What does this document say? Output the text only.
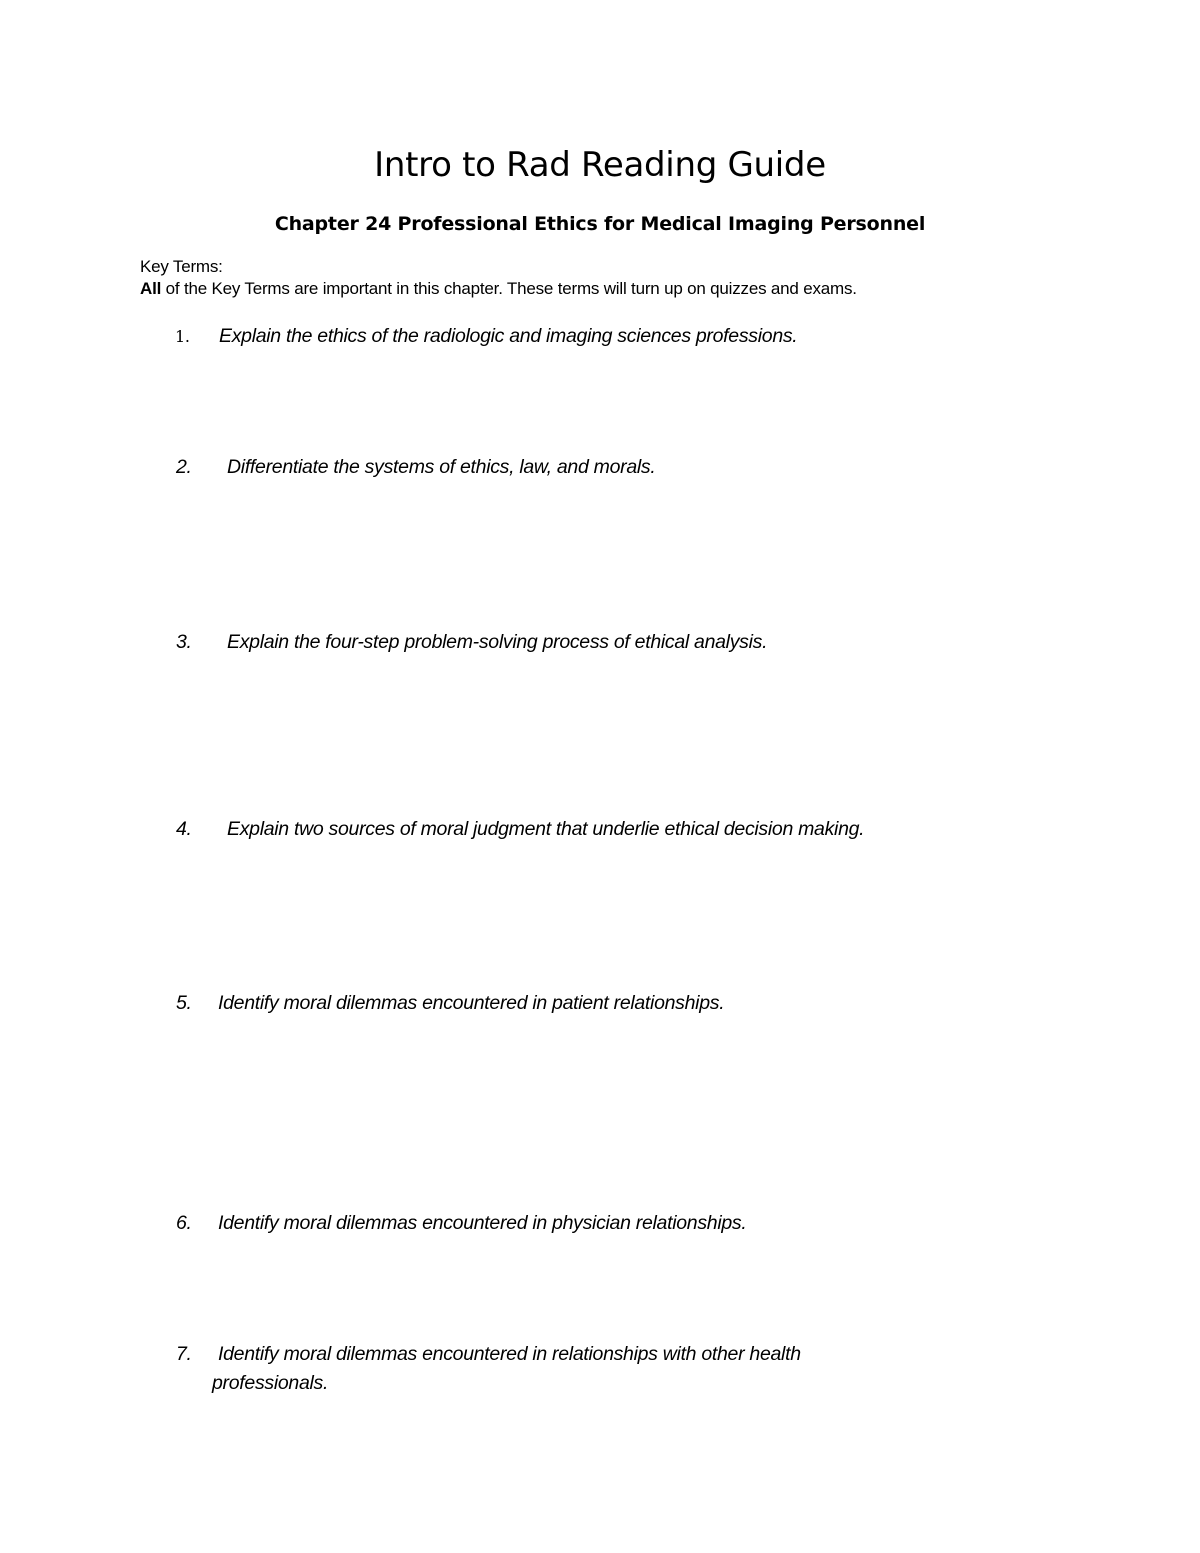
Intro to Rad Reading Guide
Chapter 24 Professional Ethics for Medical Imaging Personnel
Key Terms:
All of the Key Terms are important in this chapter. These terms will turn up on quizzes and exams.
1. Explain the ethics of the radiologic and imaging sciences professions.
2. Differentiate the systems of ethics, law, and morals.
3. Explain the four-step problem-solving process of ethical analysis.
4. Explain two sources of moral judgment that underlie ethical decision making.
5. Identify moral dilemmas encountered in patient relationships.
6. Identify moral dilemmas encountered in physician relationships.
7. Identify moral dilemmas encountered in relationships with other health
professionals.
